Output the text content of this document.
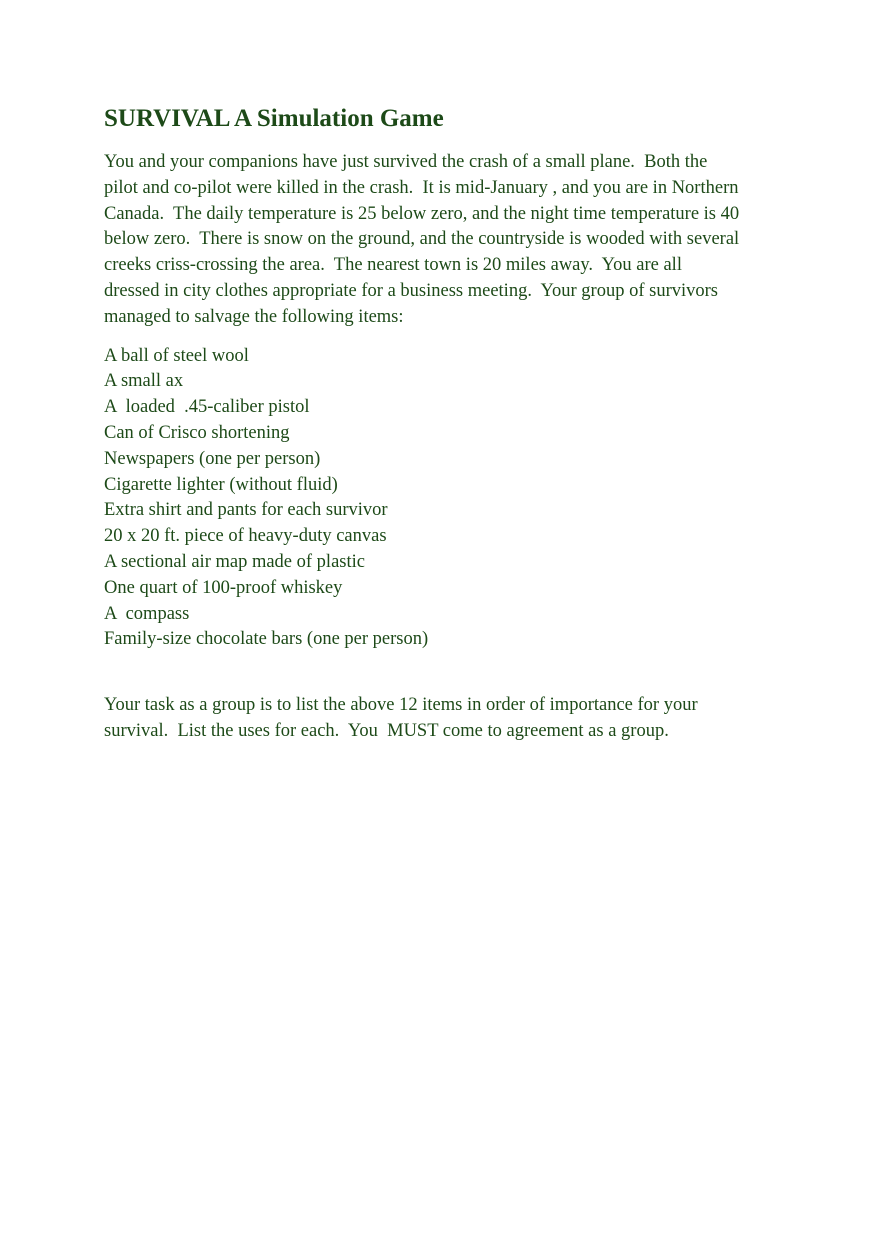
SURVIVAL A Simulation Game

You and your companions have just survived the crash of a small plane.  Both the
pilot and co-pilot were killed in the crash.  It is mid-January , and you are in Northern
Canada.  The daily temperature is 25 below zero, and the night time temperature is 40
below zero.  There is snow on the ground, and the countryside is wooded with several
creeks criss-crossing the area.  The nearest town is 20 miles away.  You are all
dressed in city clothes appropriate for a business meeting.  Your group of survivors
managed to salvage the following items:

A ball of steel wool
A small ax
A  loaded  .45-caliber pistol
Can of Crisco shortening
Newspapers (one per person)
Cigarette lighter (without fluid)
Extra shirt and pants for each survivor
20 x 20 ft. piece of heavy-duty canvas
A sectional air map made of plastic
One quart of 100-proof whiskey
A  compass
Family-size chocolate bars (one per person)

Your task as a group is to list the above 12 items in order of importance for your
survival.  List the uses for each.  You  MUST come to agreement as a group.
